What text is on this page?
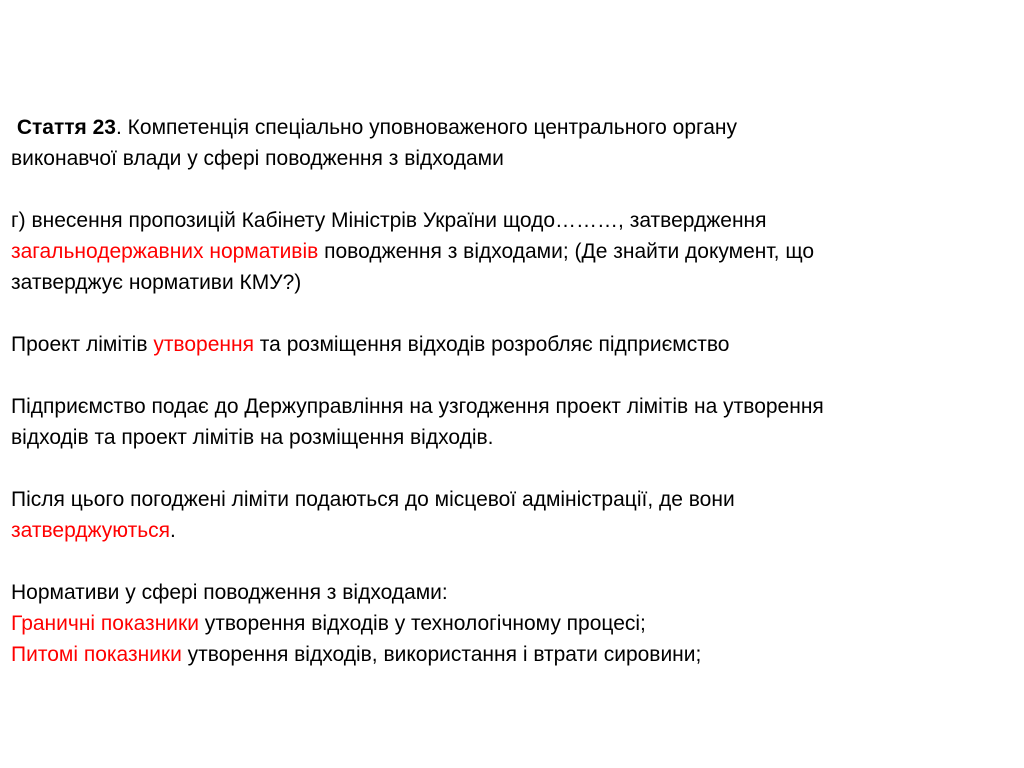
Стаття 23. Компетенція спеціально уповноваженого центрального органу

виконавчої влади у сфері поводження з відходами

г) внесення пропозицій Кабінету Міністрів України щодо………, затвердження

загальнодержавних нормативів поводження з відходами; (Де знайти документ, що

затверджує нормативи КМУ?)

Проект лімітів утворення та розміщення відходів розробляє підприємство

Підприємство подає до Держуправління на узгодження проект лімітів на утворення

відходів та проект лімітів на розміщення відходів.

Після цього погоджені ліміти подаються до місцевої адміністрації, де вони

затверджуються.

Нормативи у сфері поводження з відходами:

Граничні показники утворення відходів у технологічному процесі;

Питомі показники утворення відходів, використання і втрати сировини;
